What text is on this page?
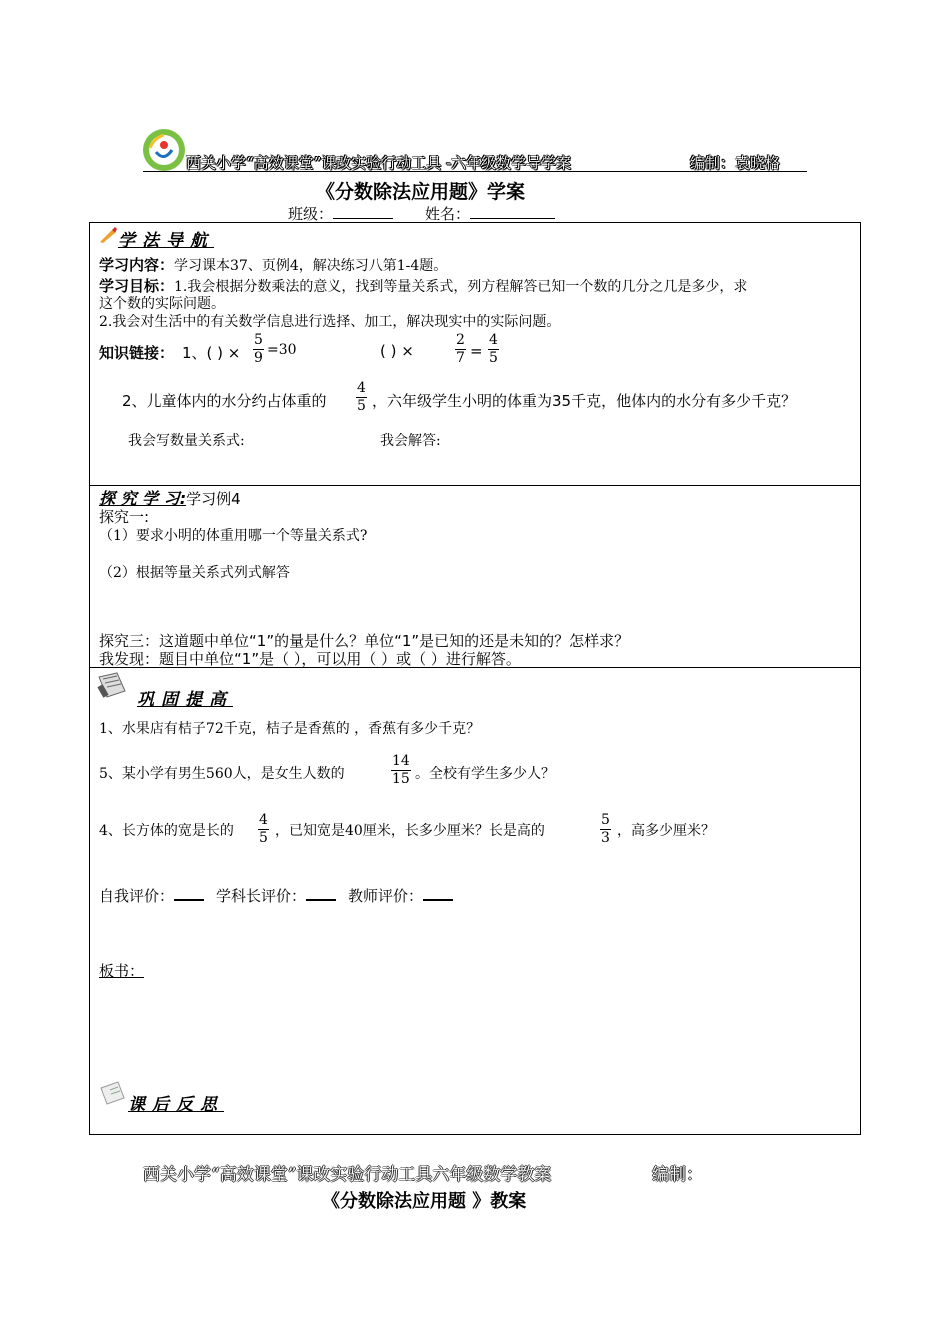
西关小学“高效课堂”课改实验行动工具 -六年级数学导学案	编制：袁晓格
《分数除法应用题》学案
班级：	姓名：
学法导航
学习内容：学习课本37、页例4，解决练习八第1-4题。
学习目标：1.我会根据分数乘法的意义，找到等量关系式，列方程解答已知一个数的几分之几是多少，求
这个数的实际问题。
2.我会对生活中的有关数学信息进行选择、加工，解决现实中的实际问题。
知识链接： 1、( ) × $\frac{5}{9} =30$	( ) ×	$\frac{2}{7} = \frac{4}{5}$
2、儿童体内的水分约占体重的 $\frac{4}{5}$ ，六年级学生小明的体重为35千克，他体内的水分有多少千克？
我会写数量关系式:	我会解答:
探 究 学 习:学习例4
探究一:
（1）要求小明的体重用哪一个等量关系式?
（2）根据等量关系式列式解答
探究三：这道题中单位“1”的量是什么？单位“1”是已知的还是未知的？怎样求？
我发现：题目中单位“1”是（ ），可以用（ ）或（ ）进行解答。
巩固提高
1、水果店有桔子72千克，桔子是香蕉的 ，香蕉有多少千克？
5、某小学有男生560人，是女生人数的	$\frac{14}{15}$ 。全校有学生多少人？
4、长方体的宽是长的 $\frac{4}{5}$ ，已知宽是40厘米，长多少厘米？长是高的	$\frac{5}{3}$ ，高多少厘米？
自我评价：	学科长评价：	教师评价：
板书：
课后反思
西关小学“高效课堂”课改实验行动工具六年级数学教案	编制：
《分数除法应用题 》教案
